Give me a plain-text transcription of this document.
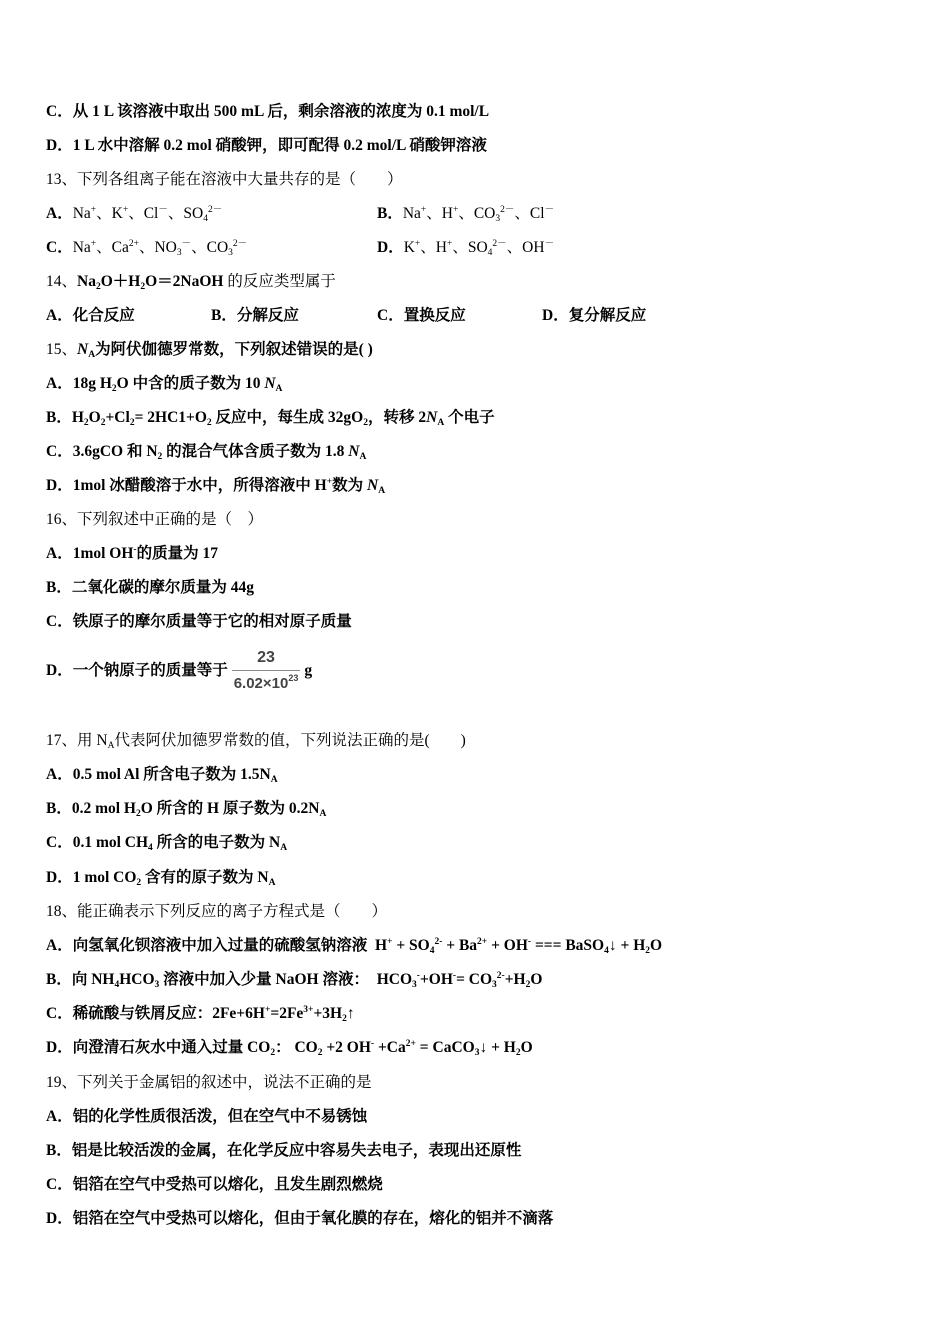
C．从 1 L 该溶液中取出 500 mL 后，剩余溶液的浓度为 0.1 mol/L
D．1 L 水中溶解 0.2 mol 硝酸钾，即可配得 0.2 mol/L 硝酸钾溶液
13、下列各组离子能在溶液中大量共存的是（　　）
A．Na+、K+、Cl－、$SO_4^{2-}$	B．Na+、H+、$CO_3^{2-}$、Cl－
C．Na+、$Ca^{2+}$、$NO_3^-$、$CO_3^{2-}$	D．K+、H+、$SO_4^{2-}$、OH－
14、$Na_2O+H_2O=2NaOH$ 的反应类型属于
A．化合反应	B．分解反应	C．置换反应	D．复分解反应
15、$N_A$为阿伏伽德罗常数，下列叙述错误的是( )
A．18g $H_2O$ 中含的质子数为 10 $N_A$
B．$H_2O_2+Cl_2= 2HC1+O_2$ 反应中，每生成 $32gO_2$，转移 $2N_A$ 个电子
C．3.6gCO 和 $N_2$ 的混合气体含质子数为 1.8 $N_A$
D．1mol 冰醋酸溶于水中，所得溶液中 H+数为 $N_A$
16、下列叙述中正确的是（　）
A．1mol OH-的质量为 17
B．二氧化碳的摩尔质量为 44g
C．铁原子的摩尔质量等于它的相对原子质量
D．一个钠原子的质量等于 $\frac{23}{6.02\times 10^{23}}$ g
17、用 $N_A$代表阿伏加德罗常数的值，下列说法正确的是(　　)
A．0.5 mol Al 所含电子数为 $1.5N_A$
B．0.2 mol $H_2O$ 所含的 H 原子数为 $0.2N_A$
C．0.1 mol $CH_4$ 所含的电子数为 $N_A$
D．1 mol $CO_2$ 含有的原子数为 $N_A$
18、能正确表示下列反应的离子方程式是（　　）
A．向氢氧化钡溶液中加入过量的硫酸氢钠溶液  $H^+ + SO_4^{2-} + Ba^{2+} + OH^-$ === BaSO$_4$↓ + $H_2O$
B．向 $NH_4HCO_3$ 溶液中加入少量 NaOH 溶液：  $HCO_3^-+OH^-= CO_3^{2-}+H_2O$
C．稀硫酸与铁屑反应：$2Fe+6H^+=2Fe^{3+}+3H_2↑$
D．向澄清石灰水中通入过量 $CO_2$： $CO_2 +2$ $OH^- +Ca^{2+}$ = CaCO$_3$↓ + $H_2O$
19、下列关于金属铝的叙述中，说法不正确的是
A．铝的化学性质很活泼，但在空气中不易锈蚀
B．铝是比较活泼的金属，在化学反应中容易失去电子，表现出还原性
C．铝箔在空气中受热可以熔化，且发生剧烈燃烧
D．铝箔在空气中受热可以熔化，但由于氧化膜的存在，熔化的铝并不滴落
